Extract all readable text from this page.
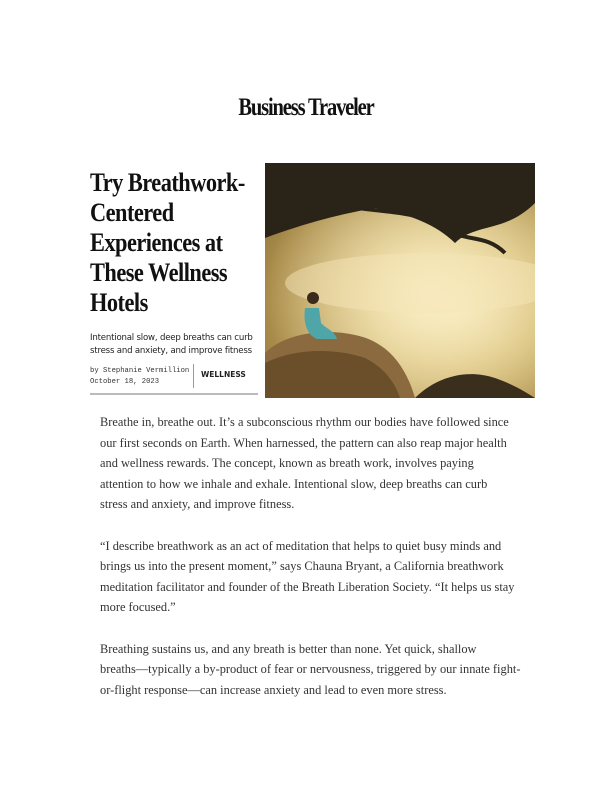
Business Traveler
Try Breathwork-
Centered
Experiences at
These Wellness
Hotels
Intentional slow, deep breaths can curb
stress and anxiety, and improve fitness
by Stephanie Vermillion
October 18, 2023
WELLNESS

Breathe in, breathe out. It’s a subconscious rhythm our bodies have followed since
our first seconds on Earth. When harnessed, the pattern can also reap major health
and wellness rewards. The concept, known as breath work, involves paying
attention to how we inhale and exhale. Intentional slow, deep breaths can curb
stress and anxiety, and improve fitness.

“I describe breathwork as an act of meditation that helps to quiet busy minds and
brings us into the present moment,” says Chauna Bryant, a California breathwork
meditation facilitator and founder of the Breath Liberation Society. “It helps us stay
more focused.”

Breathing sustains us, and any breath is better than none. Yet quick, shallow
breaths—typically a by-product of fear or nervousness, triggered by our innate fight-
or-flight response—can increase anxiety and lead to even more stress.
